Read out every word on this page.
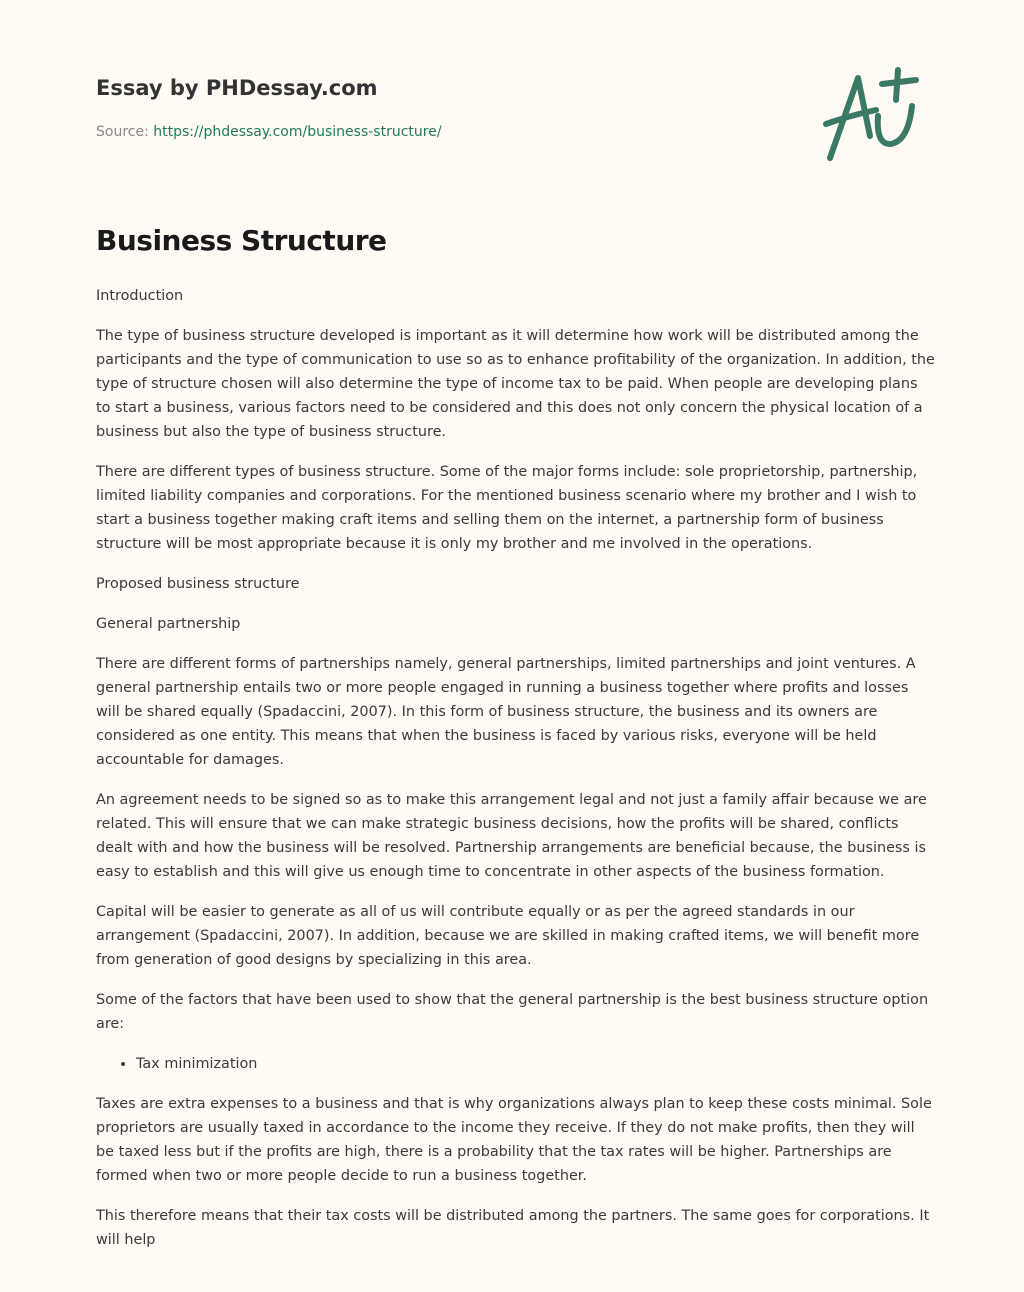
Essay by PHDessay.com
Source: https://phdessay.com/business-structure/
Business Structure

Introduction

The type of business structure developed is important as it will determine how work will be distributed among the participants and the type of communication to use so as to enhance profitability of the organization. In addition, the type of structure chosen will also determine the type of income tax to be paid. When people are developing plans to start a business, various factors need to be considered and this does not only concern the physical location of a business but also the type of business structure.

There are different types of business structure. Some of the major forms include: sole proprietorship, partnership, limited liability companies and corporations. For the mentioned business scenario where my brother and I wish to start a business together making craft items and selling them on the internet, a partnership form of business structure will be most appropriate because it is only my brother and me involved in the operations.

Proposed business structure

General partnership

There are different forms of partnerships namely, general partnerships, limited partnerships and joint ventures. A general partnership entails two or more people engaged in running a business together where profits and losses will be shared equally (Spadaccini, 2007). In this form of business structure, the business and its owners are considered as one entity. This means that when the business is faced by various risks, everyone will be held accountable for damages.

An agreement needs to be signed so as to make this arrangement legal and not just a family affair because we are related. This will ensure that we can make strategic business decisions, how the profits will be shared, conflicts dealt with and how the business will be resolved. Partnership arrangements are beneficial because, the business is easy to establish and this will give us enough time to concentrate in other aspects of the business formation.

Capital will be easier to generate as all of us will contribute equally or as per the agreed standards in our arrangement (Spadaccini, 2007). In addition, because we are skilled in making crafted items, we will benefit more from generation of good designs by specializing in this area.

Some of the factors that have been used to show that the general partnership is the best business structure option are:

• Tax minimization

Taxes are extra expenses to a business and that is why organizations always plan to keep these costs minimal. Sole proprietors are usually taxed in accordance to the income they receive. If they do not make profits, then they will be taxed less but if the profits are high, there is a probability that the tax rates will be higher. Partnerships are formed when two or more people decide to run a business together.

This therefore means that their tax costs will be distributed among the partners. The same goes for corporations. It will help
